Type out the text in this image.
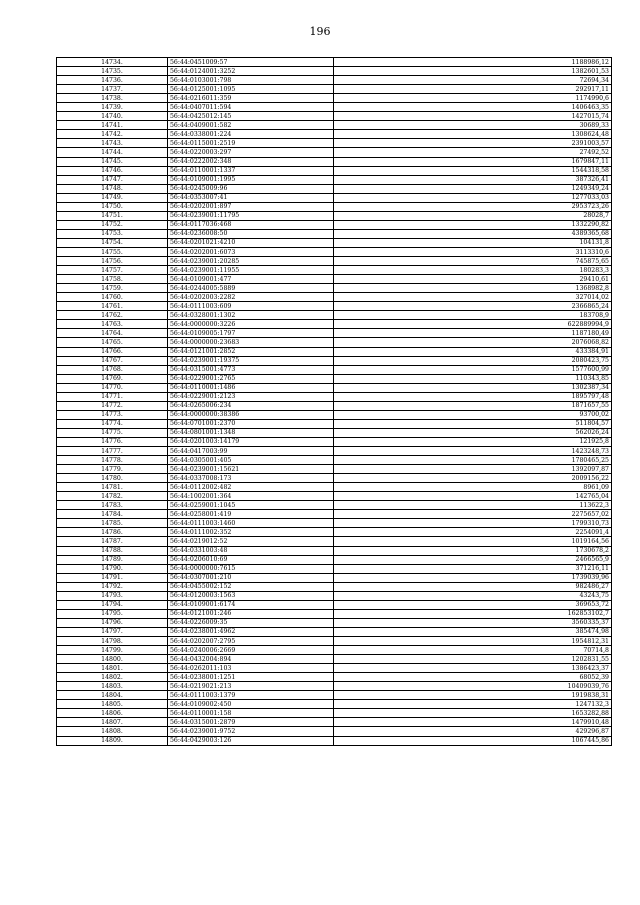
196
14734.	56:44:0451009:57	1188986,12
14735.	56:44:0124001:3252	1382601,53
14736.	56:44:0103001:798	72694,34
14737.	56:44:0125001:1095	292917,11
14738.	56:44:0216011:359	1174990,6
14739.	56:44:0407011:594	1406463,35
14740.	56:44:0425012:145	1427015,74
14741.	56:44:0409001:582	30689,33
14742.	56:44:0338001:224	1308624,48
14743.	56:44:0115001:2519	2391003,57
14744.	56:44:0220003:297	27492,52
14745.	56:44:0222002:348	1679847,11
14746.	56:44:0110001:1337	1544318,58
14747.	56:44:0109001:1995	387326,41
14748.	56:44:0245009:96	1249349,24
14749.	56:44:0353007:41	1277033,03
14750.	56:44:0202001:897	2953723,26
14751.	56:44:0239001:11795	28028,7
14752.	56:44:0117036:468	1332290,82
14753.	56:44:0236008:50	4389365,68
14754.	56:44:0201021:4210	104131,8
14755.	56:44:0202001:6073	3113310,6
14756.	56:44:0239001:20285	745875,65
14757.	56:44:0239001:11955	180283,3
14758.	56:44:0109001:477	29410,61
14759.	56:44:0244005:5889	1368982,8
14760.	56:44:0202003:2282	327014,02
14761.	56:44:0111003:609	2366865,24
14762.	56:44:0328001:1302	183708,9
14763.	56:44:0000000:3226	622889994,9
14764.	56:44:0109005:1797	1187180,49
14765.	56:44:0000000:23683	2076068,82
14766.	56:44:0121001:2852	433384,91
14767.	56:44:0239001:19375	2080423,75
14768.	56:44:0315001:4773	1577600,99
14769.	56:44:0229001:2765	110343,85
14770.	56:44:0110001:1486	1302387,34
14771.	56:44:0229001:2123	1895797,48
14772.	56:44:0265006:234	1871657,55
14773.	56:44:0000000:38386	93700,02
14774.	56:44:0701001:2370	511804,57
14775.	56:44:0801001:1348	562026,24
14776.	56:44:0201003:14179	121925,8
14777.	56:44:0417003:99	1423248,73
14778.	56:44:0305001:405	1780465,25
14779.	56:44:0239001:15621	1392097,87
14780.	56:44:0337008:173	2009156,22
14781.	56:44:0112002:482	8961,09
14782.	56:44:1002001:364	142765,04
14783.	56:44:0259001:1045	113622,3
14784.	56:44:0258001:419	2275657,02
14785.	56:44:0111003:1460	1799310,73
14786.	56:44:0111002:352	2254091,4
14787.	56:44:0219012:52	1019164,56
14788.	56:44:0331003:48	1730678,2
14789.	56:44:0206010:69	2466565,9
14790.	56:44:0000000:7615	371216,11
14791.	56:44:0307001:210	1739039,96
14792.	56:44:0455002:152	982486,27
14793.	56:44:0120003:1563	43243,75
14794.	56:44:0109001:6174	369653,72
14795.	56:44:0121001:246	162853102,7
14796.	56:44:0226009:35	3560335,37
14797.	56:44:0238001:4962	385474,98
14798.	56:44:0202007:2795	1954812,31
14799.	56:44:0240006:2669	70714,8
14800.	56:44:0432004:894	1202831,55
14801.	56:44:0262011:103	1386423,37
14802.	56:44:0238001:1251	68052,39
14803.	56:44:0219021:213	10409039,76
14804.	56:44:0111003:1379	1919838,31
14805.	56:44:0109002:450	1247132,3
14806.	56:44:0110001:158	1653282,88
14807.	56:44:0315001:2879	1479910,48
14808.	56:44:0239001:9752	429296,87
14809.	56:44:0429003:126	1067445,86
